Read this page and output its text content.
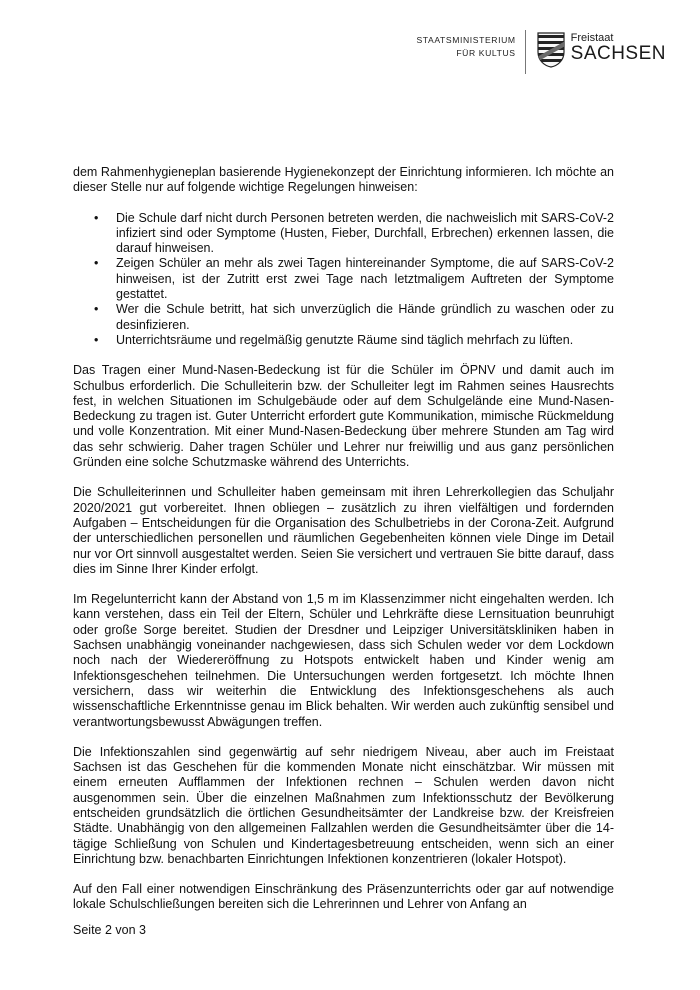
STAATSMINISTERIUM
FÜR KULTUS
Freistaat
SACHSEN

dem Rahmenhygieneplan basierende Hygienekonzept der Einrichtung informieren. Ich möchte an dieser Stelle nur auf folgende wichtige Regelungen hinweisen:

• Die Schule darf nicht durch Personen betreten werden, die nachweislich mit SARS-CoV-2 infiziert sind oder Symptome (Husten, Fieber, Durchfall, Erbrechen) erkennen lassen, die darauf hinweisen.
• Zeigen Schüler an mehr als zwei Tagen hintereinander Symptome, die auf SARS-CoV-2 hinweisen, ist der Zutritt erst zwei Tage nach letztmaligem Auftreten der Symptome gestattet.
• Wer die Schule betritt, hat sich unverzüglich die Hände gründlich zu waschen oder zu desinfizieren.
• Unterrichtsräume und regelmäßig genutzte Räume sind täglich mehrfach zu lüften.

Das Tragen einer Mund-Nasen-Bedeckung ist für die Schüler im ÖPNV und damit auch im Schulbus erforderlich. Die Schulleiterin bzw. der Schulleiter legt im Rahmen seines Hausrechts fest, in welchen Situationen im Schulgebäude oder auf dem Schulgelände eine Mund-Nasen-Bedeckung zu tragen ist. Guter Unterricht erfordert gute Kommunikation, mimische Rückmeldung und volle Konzentration. Mit einer Mund-Nasen-Bedeckung über mehrere Stunden am Tag wird das sehr schwierig. Daher tragen Schüler und Lehrer nur freiwillig und aus ganz persönlichen Gründen eine solche Schutzmaske während des Unterrichts.

Die Schulleiterinnen und Schulleiter haben gemeinsam mit ihren Lehrerkollegien das Schuljahr 2020/2021 gut vorbereitet. Ihnen obliegen – zusätzlich zu ihren vielfältigen und fordernden Aufgaben – Entscheidungen für die Organisation des Schulbetriebs in der Corona-Zeit. Aufgrund der unterschiedlichen personellen und räumlichen Gegebenheiten können viele Dinge im Detail nur vor Ort sinnvoll ausgestaltet werden. Seien Sie versichert und vertrauen Sie bitte darauf, dass dies im Sinne Ihrer Kinder erfolgt.

Im Regelunterricht kann der Abstand von 1,5 m im Klassenzimmer nicht eingehalten werden. Ich kann verstehen, dass ein Teil der Eltern, Schüler und Lehrkräfte diese Lernsituation beunruhigt oder große Sorge bereitet. Studien der Dresdner und Leipziger Universitätskliniken haben in Sachsen unabhängig voneinander nachgewiesen, dass sich Schulen weder vor dem Lockdown noch nach der Wiedereröffnung zu Hotspots entwickelt haben und Kinder wenig am Infektionsgeschehen teilnehmen. Die Untersuchungen werden fortgesetzt. Ich möchte Ihnen versichern, dass wir weiterhin die Entwicklung des Infektionsgeschehens als auch wissenschaftliche Erkenntnisse genau im Blick behalten. Wir werden auch zukünftig sensibel und verantwortungsbewusst Abwägungen treffen.

Die Infektionszahlen sind gegenwärtig auf sehr niedrigem Niveau, aber auch im Freistaat Sachsen ist das Geschehen für die kommenden Monate nicht einschätzbar. Wir müssen mit einem erneuten Aufflammen der Infektionen rechnen – Schulen werden davon nicht ausgenommen sein. Über die einzelnen Maßnahmen zum Infektionsschutz der Bevölkerung entscheiden grundsätzlich die örtlichen Gesundheitsämter der Landkreise bzw. der Kreisfreien Städte. Unabhängig von den allgemeinen Fallzahlen werden die Gesundheitsämter über die 14-tägige Schließung von Schulen und Kindertagesbetreuung entscheiden, wenn sich an einer Einrichtung bzw. benachbarten Einrichtungen Infektionen konzentrieren (lokaler Hotspot).

Auf den Fall einer notwendigen Einschränkung des Präsenzunterrichts oder gar auf notwendige lokale Schulschließungen bereiten sich die Lehrerinnen und Lehrer von Anfang an

Seite 2 von 3
